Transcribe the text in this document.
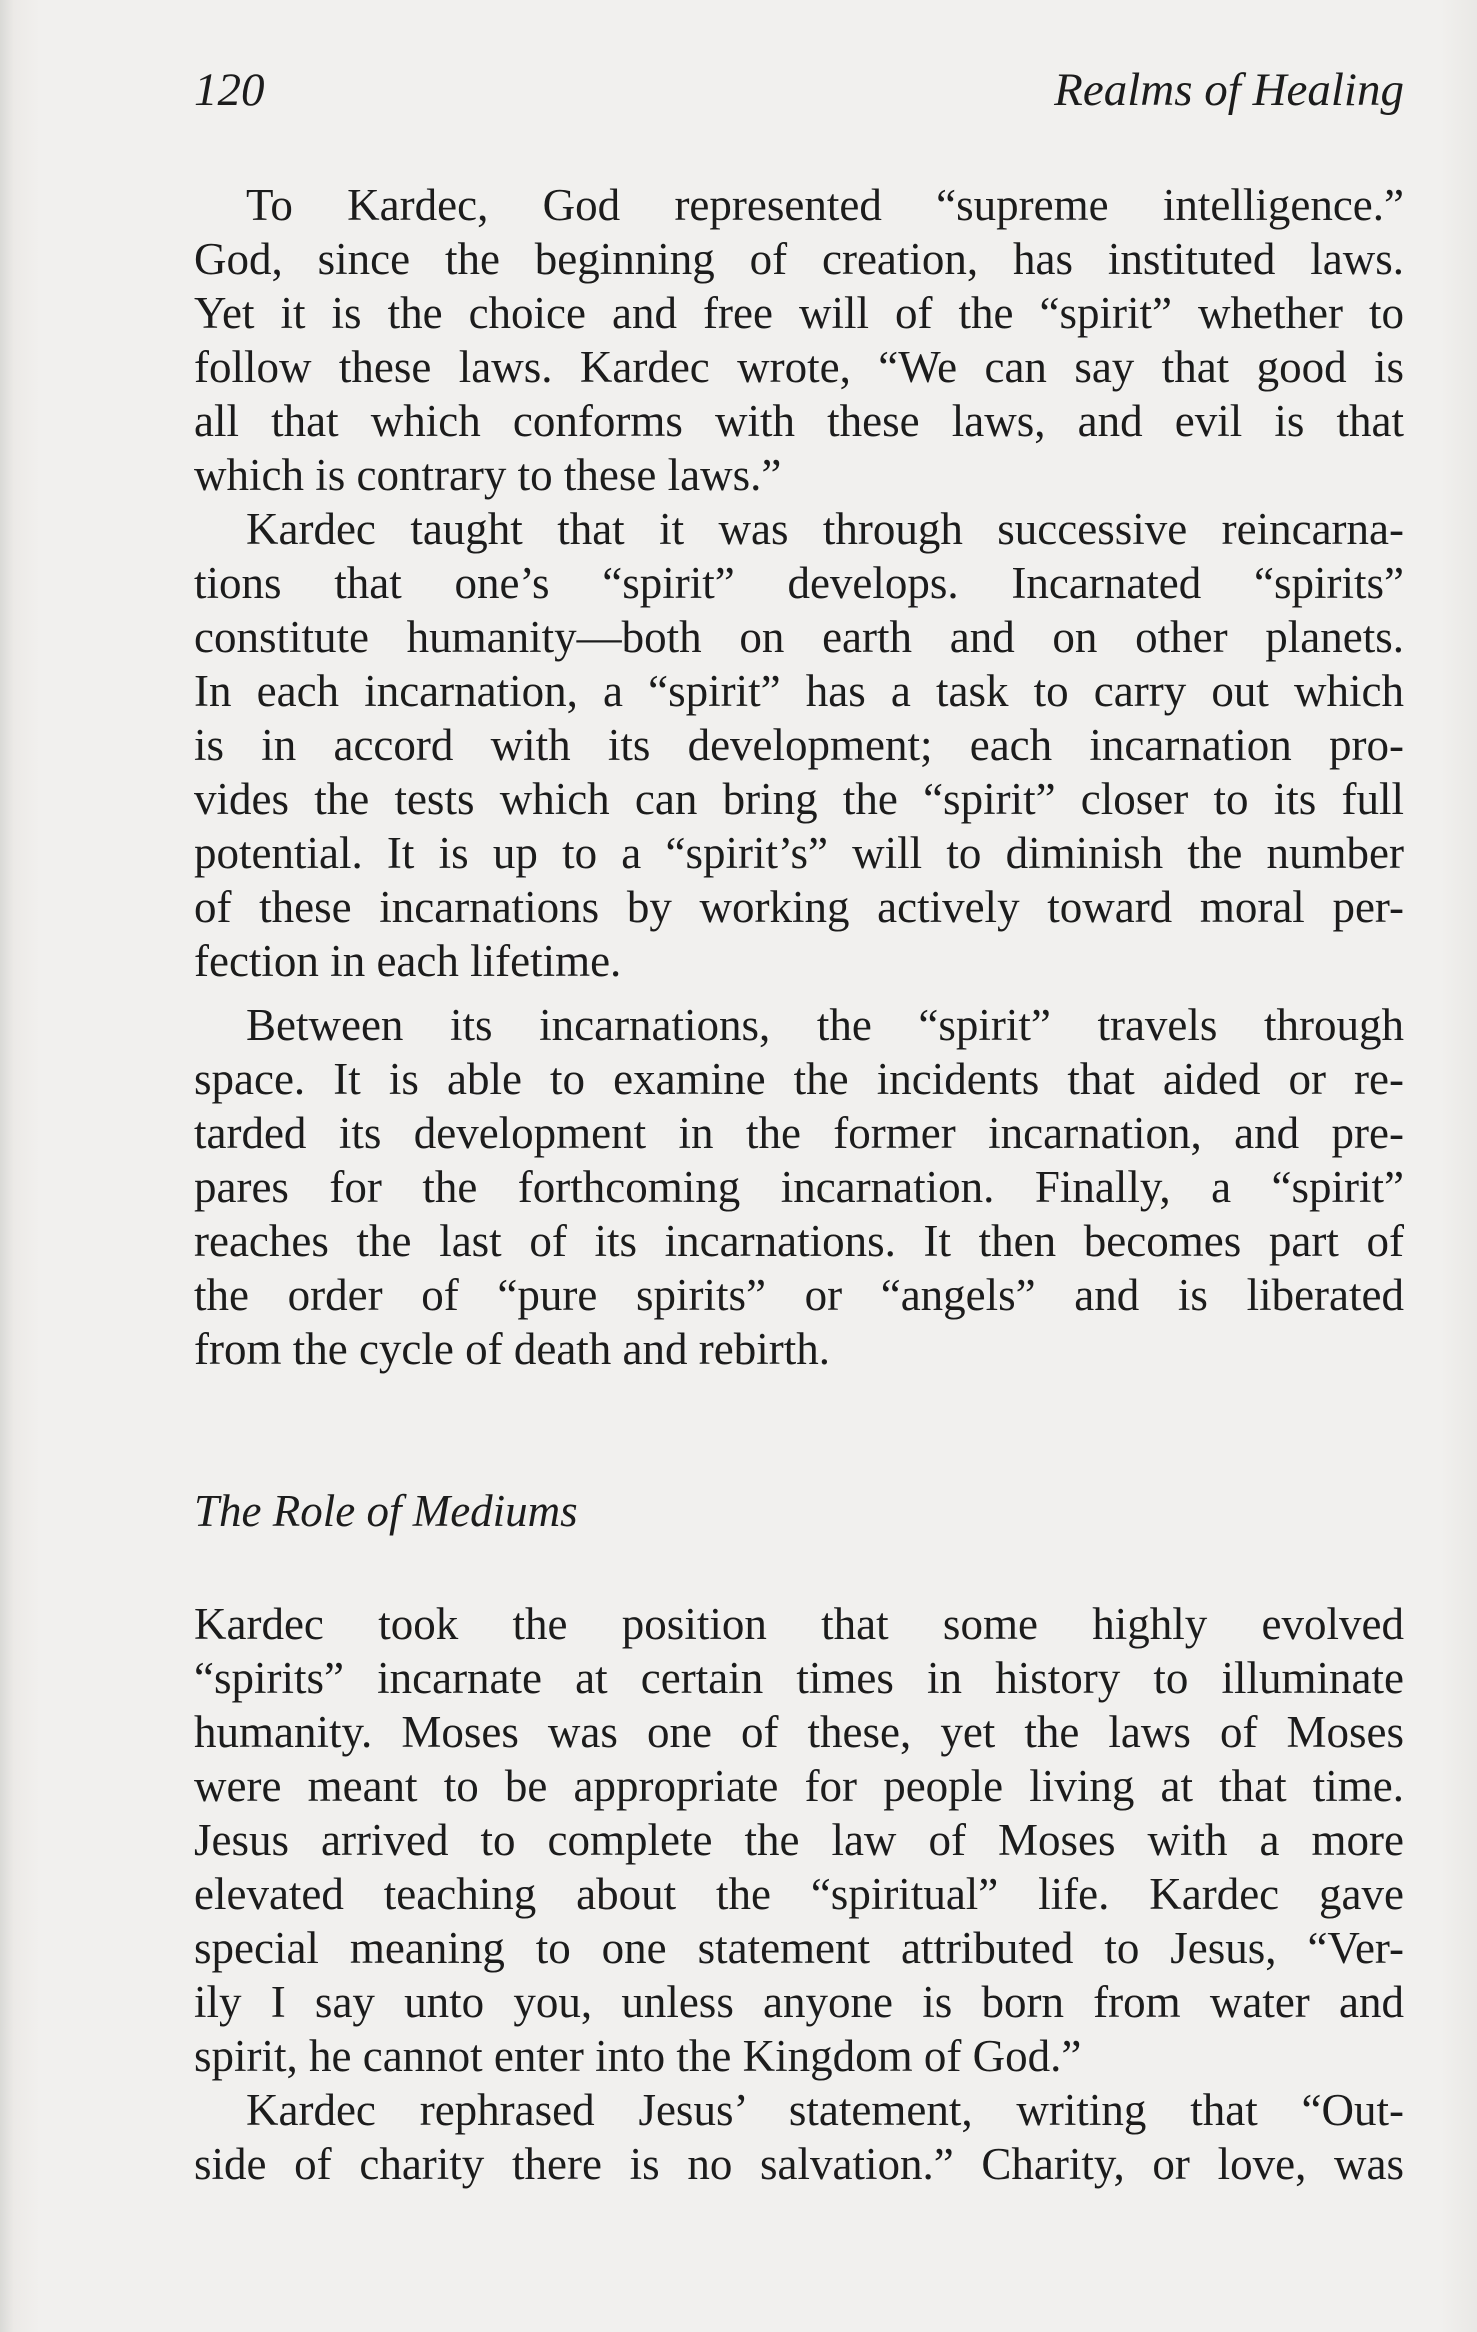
120	Realms of Healing
To Kardec, God represented “supreme intelligence.”
God, since the beginning of creation, has instituted laws.
Yet it is the choice and free will of the “spirit” whether to
follow these laws. Kardec wrote, “We can say that good is
all that which conforms with these laws, and evil is that
which is contrary to these laws.”
Kardec taught that it was through successive reincarna-
tions that one’s “spirit” develops. Incarnated “spirits”
constitute humanity—both on earth and on other planets.
In each incarnation, a “spirit” has a task to carry out which
is in accord with its development; each incarnation pro-
vides the tests which can bring the “spirit” closer to its full
potential. It is up to a “spirit’s” will to diminish the number
of these incarnations by working actively toward moral per-
fection in each lifetime.
Between its incarnations, the “spirit” travels through
space. It is able to examine the incidents that aided or re-
tarded its development in the former incarnation, and pre-
pares for the forthcoming incarnation. Finally, a “spirit”
reaches the last of its incarnations. It then becomes part of
the order of “pure spirits” or “angels” and is liberated
from the cycle of death and rebirth.
The Role of Mediums
Kardec took the position that some highly evolved
“spirits” incarnate at certain times in history to illuminate
humanity. Moses was one of these, yet the laws of Moses
were meant to be appropriate for people living at that time.
Jesus arrived to complete the law of Moses with a more
elevated teaching about the “spiritual” life. Kardec gave
special meaning to one statement attributed to Jesus, “Ver-
ily I say unto you, unless anyone is born from water and
spirit, he cannot enter into the Kingdom of God.”
Kardec rephrased Jesus’ statement, writing that “Out-
side of charity there is no salvation.” Charity, or love, was
